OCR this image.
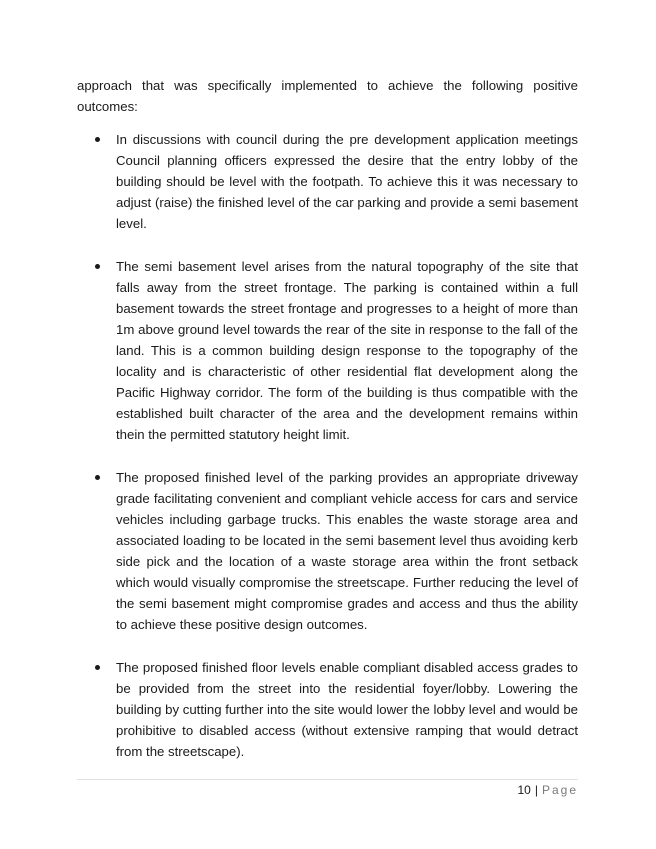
approach that was specifically implemented to achieve the following positive outcomes:

In discussions with council during the pre development application meetings Council planning officers expressed the desire that the entry lobby of the building should be level with the footpath. To achieve this it was necessary to adjust (raise) the finished level of the car parking and provide a semi basement level.
The semi basement level arises from the natural topography of the site that falls away from the street frontage. The parking is contained within a full basement towards the street frontage and progresses to a height of more than 1m above ground level towards the rear of the site in response to the fall of the land. This is a common building design response to the topography of the locality and is characteristic of other residential flat development along the Pacific Highway corridor. The form of the building is thus compatible with the established built character of the area and the development remains within thein the permitted statutory height limit.
The proposed finished level of the parking provides an appropriate driveway grade facilitating convenient and compliant vehicle access for cars and service vehicles including garbage trucks. This enables the waste storage area and associated loading to be located in the semi basement level thus avoiding kerb side pick and the location of a waste storage area within the front setback which would visually compromise the streetscape. Further reducing the level of the semi basement might compromise grades and access and thus the ability to achieve these positive design outcomes.
The proposed finished floor levels enable compliant disabled access grades to be provided from the street into the residential foyer/lobby. Lowering the building by cutting further into the site would lower the lobby level and would be prohibitive to disabled access (without extensive ramping that would detract from the streetscape).
10 | Page
